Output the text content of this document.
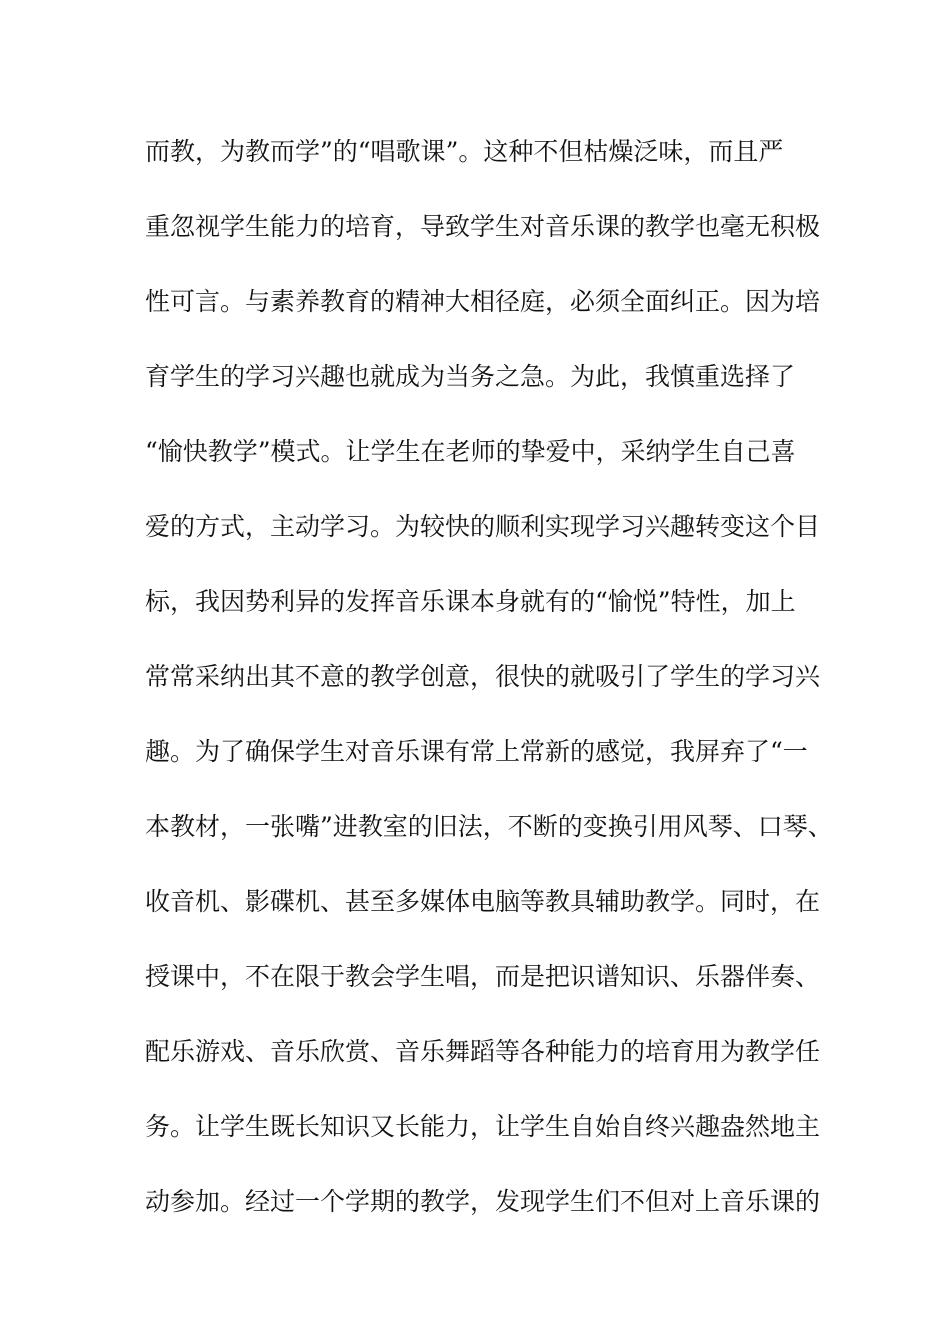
而教，为教而学”的“唱歌课”。这种不但枯燥泛味，而且严
重忽视学生能力的培育，导致学生对音乐课的教学也毫无积极
性可言。与素养教育的精神大相径庭，必须全面纠正。因为培
育学生的学习兴趣也就成为当务之急。为此，我慎重选择了
“愉快教学”模式。让学生在老师的挚爱中，采纳学生自己喜
爱的方式，主动学习。为较快的顺利实现学习兴趣转变这个目
标，我因势利异的发挥音乐课本身就有的“愉悦”特性，加上
常常采纳出其不意的教学创意，很快的就吸引了学生的学习兴
趣。为了确保学生对音乐课有常上常新的感觉，我屏弃了“一
本教材，一张嘴”进教室的旧法，不断的变换引用风琴、口琴、
收音机、影碟机、甚至多媒体电脑等教具辅助教学。同时，在
授课中，不在限于教会学生唱，而是把识谱知识、乐器伴奏、
配乐游戏、音乐欣赏、音乐舞蹈等各种能力的培育用为教学任
务。让学生既长知识又长能力，让学生自始自终兴趣盎然地主
动参加。经过一个学期的教学，发现学生们不但对上音乐课的
